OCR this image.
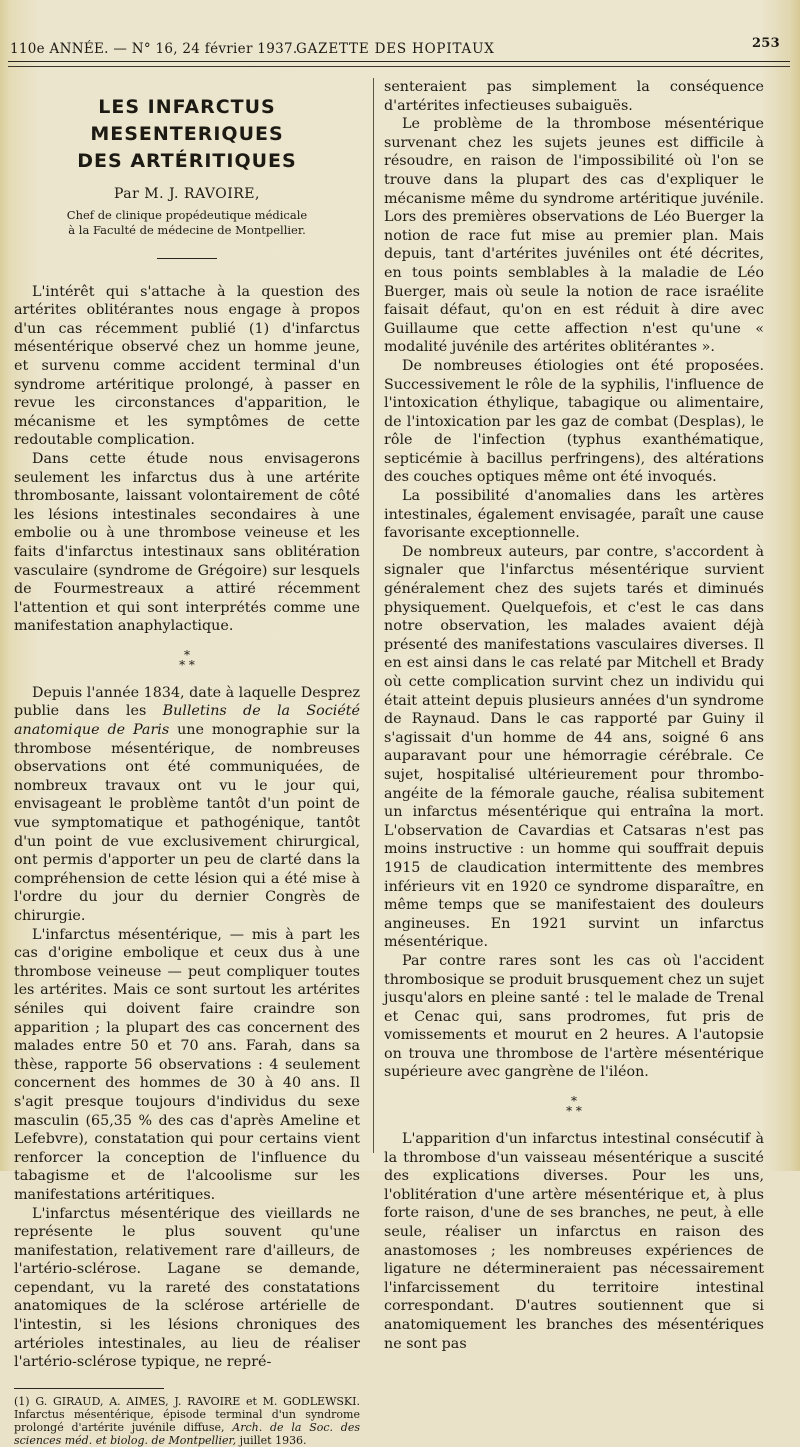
110e ANNÉE. — N° 16, 24 février 1937.
GAZETTE DES HOPITAUX	253
LES INFARCTUS MESENTERIQUES
DES ARTÉRITIQUES
Par M. J. RAVOIRE,
Chef de clinique propédeutique médicale
à la Faculté de médecine de Montpellier.

L'intérêt qui s'attache à la question des artérites oblitérantes nous engage à propos d'un cas récemment publié (1) d'infarctus mésentérique observé chez un homme jeune, et survenu comme accident terminal d'un syndrome artéritique prolongé, à passer en revue les circonstances d'apparition, le mécanisme et les symptômes de cette redoutable complication.

Dans cette étude nous envisagerons seulement les infarctus dus à une artérite thrombosante, laissant volontairement de côté les lésions intestinales secondaires à une embolie ou à une thrombose veineuse et les faits d'infarctus intestinaux sans oblitération vasculaire (syndrome de Grégoire) sur lesquels de Fourmestreaux a attiré récemment l'attention et qui sont interprétés comme une manifestation anaphylactique.

*
* *

Depuis l'année 1834, date à laquelle Desprez publie dans les Bulletins de la Société anatomique de Paris une monographie sur la thrombose mésentérique, de nombreuses observations ont été communiquées, de nombreux travaux ont vu le jour qui, envisageant le problème tantôt d'un point de vue symptomatique et pathogénique, tantôt d'un point de vue exclusivement chirurgical, ont permis d'apporter un peu de clarté dans la compréhension de cette lésion qui a été mise à l'ordre du jour du dernier Congrès de chirurgie.

L'infarctus mésentérique, — mis à part les cas d'origine embolique et ceux dus à une thrombose veineuse — peut compliquer toutes les artérites. Mais ce sont surtout les artérites séniles qui doivent faire craindre son apparition ; la plupart des cas concernent des malades entre 50 et 70 ans. Farah, dans sa thèse, rapporte 56 observations : 4 seulement concernent des hommes de 30 à 40 ans. Il s'agit presque toujours d'individus du sexe masculin (65,35 % des cas d'après Ameline et Lefebvre), constatation qui pour certains vient renforcer la conception de l'influence du tabagisme et de l'alcoolisme sur les manifestations artéritiques.

L'infarctus mésentérique des vieillards ne représente le plus souvent qu'une manifestation, relativement rare d'ailleurs, de l'artério-sclérose. Lagane se demande, cependant, vu la rareté des constatations anatomiques de la sclérose artérielle de l'intestin, si les lésions chroniques des artérioles intestinales, au lieu de réaliser l'artério-sclérose typique, ne repré-

(1) G. GIRAUD, A. AIMES, J. RAVOIRE et M. GODLEWSKI. Infarctus mésentérique, épisode terminal d'un syndrome prolongé d'artérite juvénile diffuse, Arch. de la Soc. des sciences méd. et biolog. de Montpellier, juillet 1936.

senteraient pas simplement la conséquence d'artérites infectieuses subaiguës.

Le problème de la thrombose mésentérique survenant chez les sujets jeunes est difficile à résoudre, en raison de l'impossibilité où l'on se trouve dans la plupart des cas d'expliquer le mécanisme même du syndrome artéritique juvénile. Lors des premières observations de Léo Buerger la notion de race fut mise au premier plan. Mais depuis, tant d'artérites juvéniles ont été décrites, en tous points semblables à la maladie de Léo Buerger, mais où seule la notion de race israélite faisait défaut, qu'on en est réduit à dire avec Guillaume que cette affection n'est qu'une « modalité juvénile des artérites oblitérantes ».

De nombreuses étiologies ont été proposées. Successivement le rôle de la syphilis, l'influence de l'intoxication éthylique, tabagique ou alimentaire, de l'intoxication par les gaz de combat (Desplas), le rôle de l'infection (typhus exanthématique, septicémie à bacillus perfringens), des altérations des couches optiques même ont été invoqués.

La possibilité d'anomalies dans les artères intestinales, également envisagée, paraît une cause favorisante exceptionnelle.

De nombreux auteurs, par contre, s'accordent à signaler que l'infarctus mésentérique survient généralement chez des sujets tarés et diminués physiquement. Quelquefois, et c'est le cas dans notre observation, les malades avaient déjà présenté des manifestations vasculaires diverses. Il en est ainsi dans le cas relaté par Mitchell et Brady où cette complication survint chez un individu qui était atteint depuis plusieurs années d'un syndrome de Raynaud. Dans le cas rapporté par Guiny il s'agissait d'un homme de 44 ans, soigné 6 ans auparavant pour une hémorragie cérébrale. Ce sujet, hospitalisé ultérieurement pour thrombo-angéite de la fémorale gauche, réalisa subitement un infarctus mésentérique qui entraîna la mort. L'observation de Cavardias et Catsaras n'est pas moins instructive : un homme qui souffrait depuis 1915 de claudication intermittente des membres inférieurs vit en 1920 ce syndrome disparaître, en même temps que se manifestaient des douleurs angineuses. En 1921 survint un infarctus mésentérique.

Par contre rares sont les cas où l'accident thrombosique se produit brusquement chez un sujet jusqu'alors en pleine santé : tel le malade de Trenal et Cenac qui, sans prodromes, fut pris de vomissements et mourut en 2 heures. A l'autopsie on trouva une thrombose de l'artère mésentérique supérieure avec gangrène de l'iléon.

*
* *

L'apparition d'un infarctus intestinal consécutif à la thrombose d'un vaisseau mésentérique a suscité des explications diverses. Pour les uns, l'oblitération d'une artère mésentérique et, à plus forte raison, d'une de ses branches, ne peut, à elle seule, réaliser un infarctus en raison des anastomoses ; les nombreuses expériences de ligature ne détermineraient pas nécessairement l'infarcissement du territoire intestinal correspondant. D'autres soutiennent que si anatomiquement les branches des mésentériques ne sont pas
